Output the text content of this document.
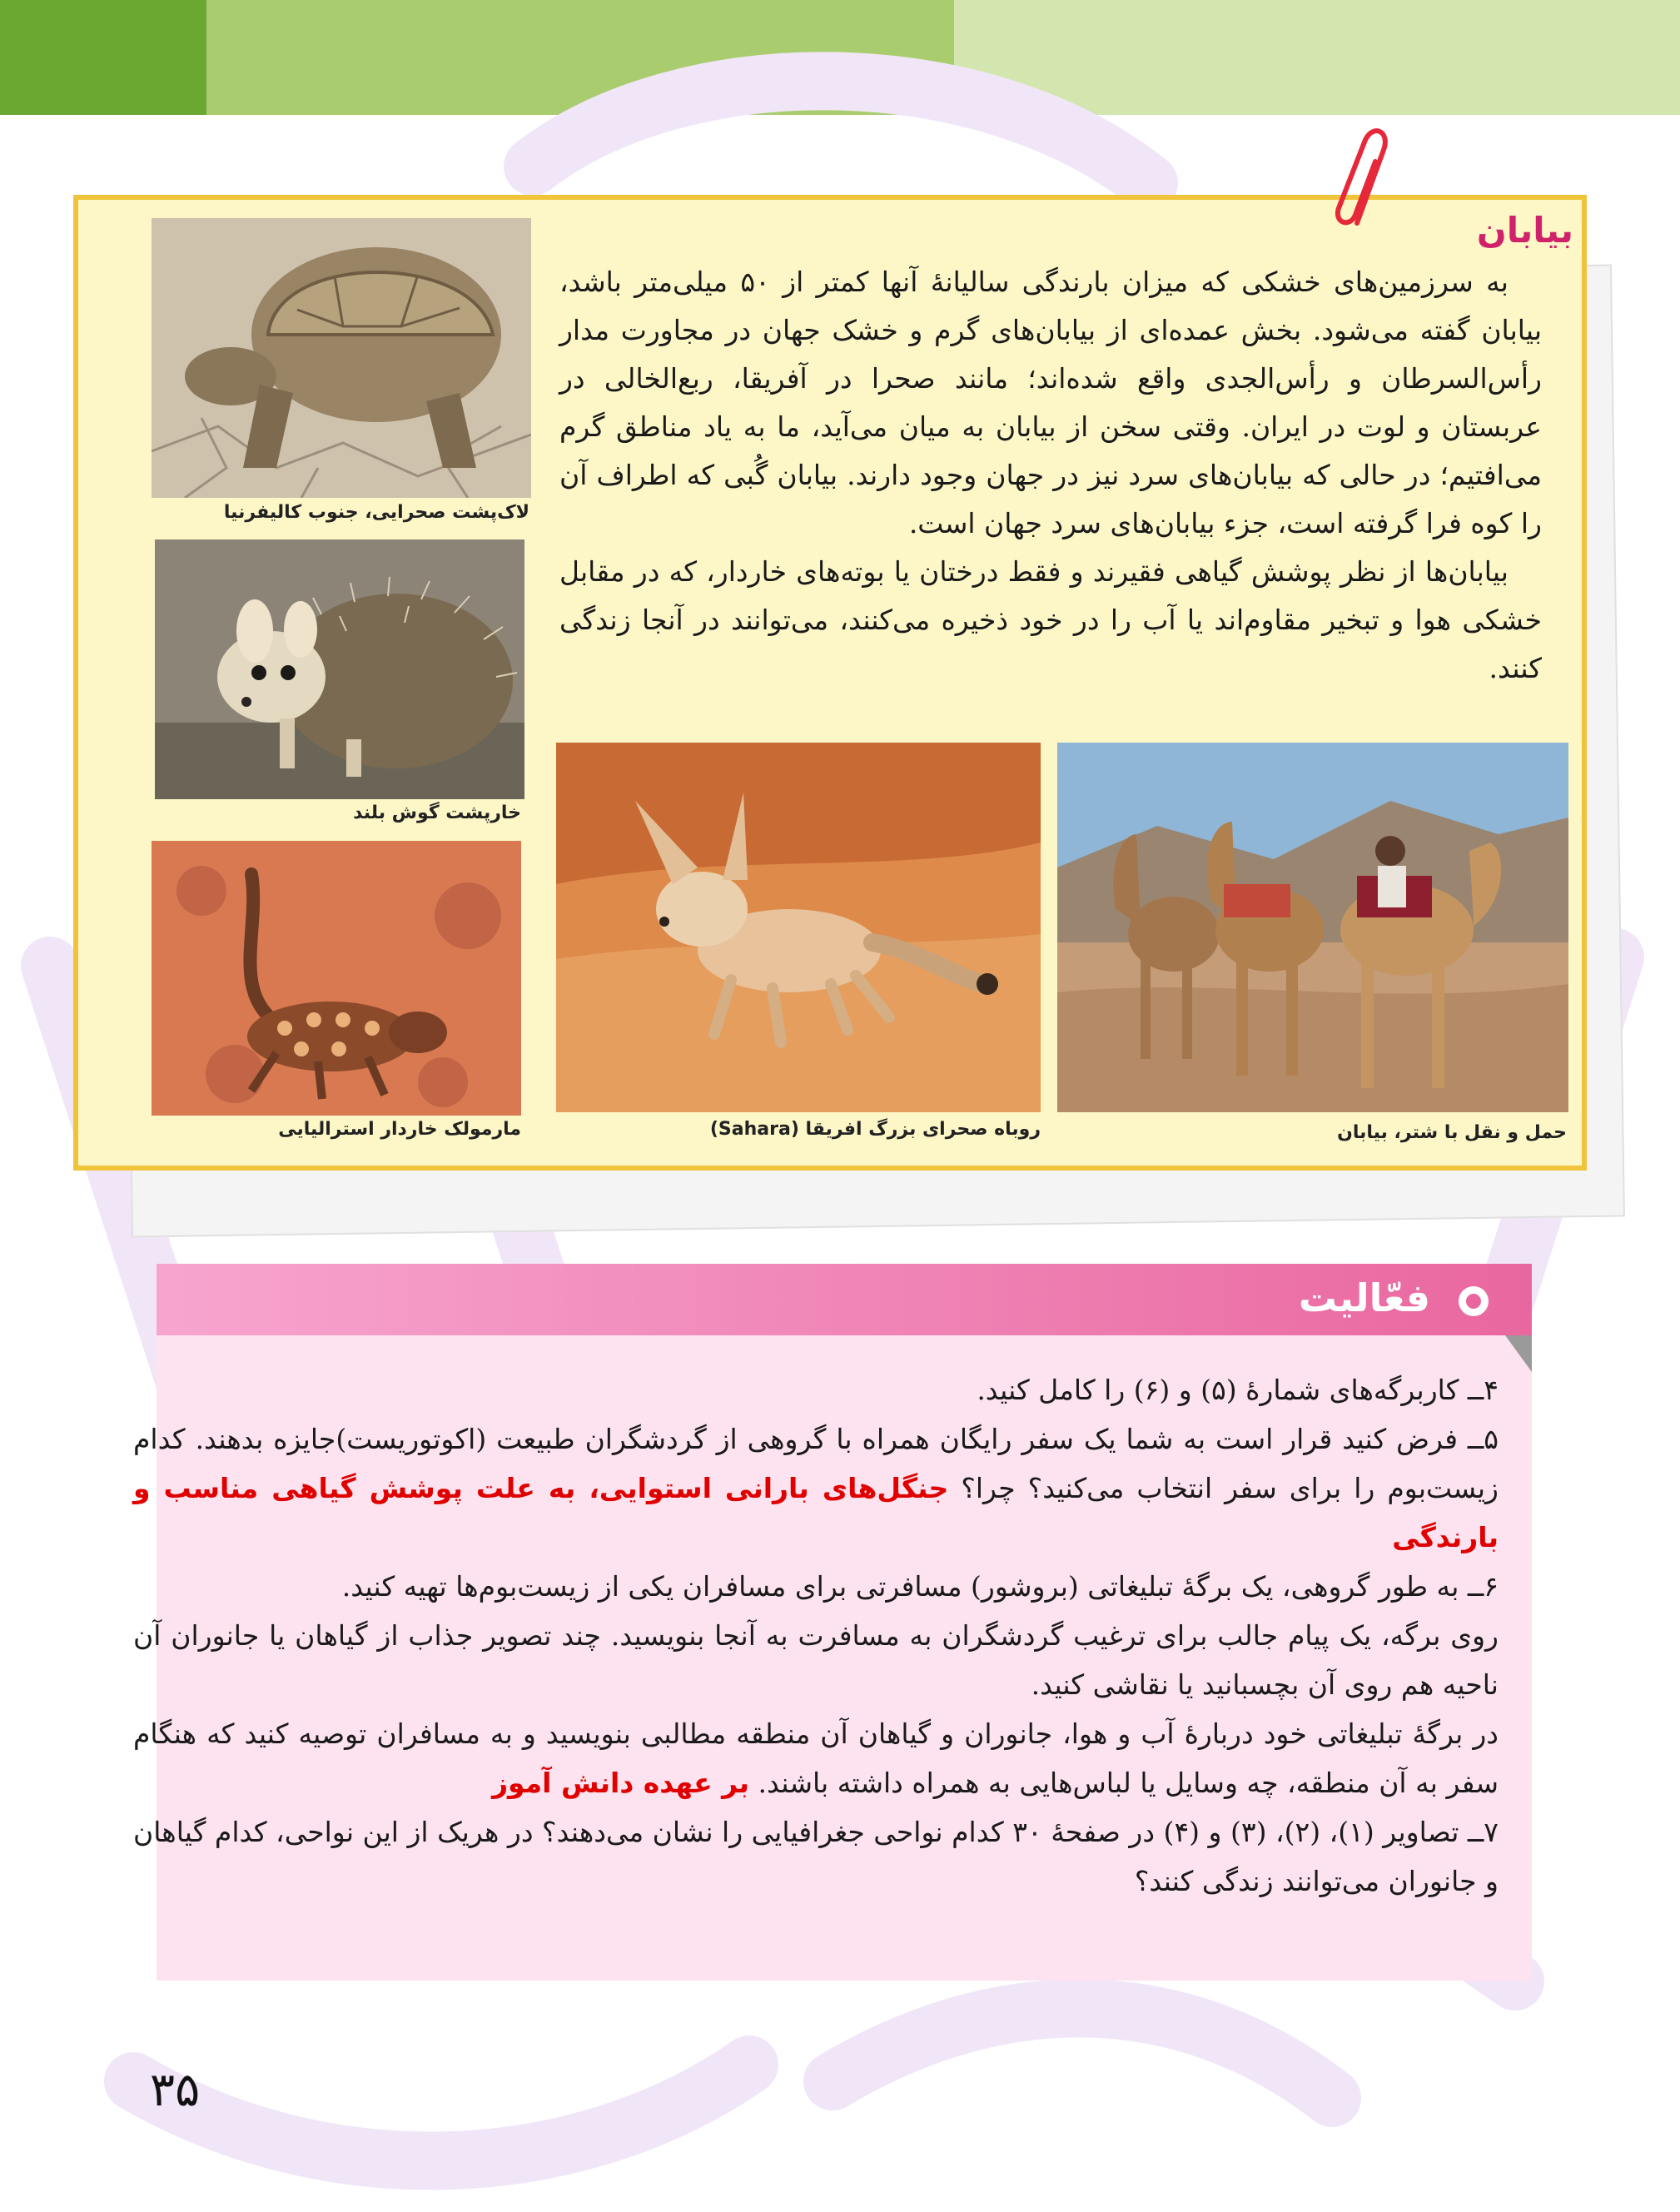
بیابان

به سرزمین‌های خشکی که میزان بارندگی سالیانهٔ آنها کمتر از ۵۰ میلی‌متر باشد، بیابان گفته می‌شود. بخش عمده‌ای از بیابان‌های گرم و خشک جهان در مجاورت مدار رأس‌السرطان و رأس‌الجدی واقع شده‌اند؛ مانند صحرا در آفریقا، ربع‌الخالی در عربستان و لوت در ایران. وقتی سخن از بیابان به میان می‌آید، ما به یاد مناطق گرم می‌افتیم؛ در حالی که بیابان‌های سرد نیز در جهان وجود دارند. بیابان گُبی که اطراف آن را کوه فرا گرفته است، جزء بیابان‌های سرد جهان است.

بیابان‌ها از نظر پوشش گیاهی فقیرند و فقط درختان یا بوته‌های خاردار، که در مقابل خشکی هوا و تبخیر مقاوم‌اند یا آب را در خود ذخیره می‌کنند، می‌توانند در آنجا زندگی کنند.

لاک‌پشت صحرایی، جنوب کالیفرنیا
خارپشت گوش بلند
مارمولک خاردار استرالیایی	روباه صحرای بزرگ افریقا (Sahara)	حمل و نقل با شتر، بیابان
فعّالیت

۴ــ کاربرگه‌های شمارهٔ (۵) و (۶) را کامل کنید.

۵ــ فرض کنید قرار است به شما یک سفر رایگان همراه با گروهی از گردشگران طبیعت (اکوتوریست)جایزه بدهند. کدام زیست‌بوم را برای سفر انتخاب می‌کنید؟ چرا؟ جنگل‌های بارانی استوایی، به علت پوشش گیاهی مناسب و بارندگی

۶ــ به طور گروهی، یک برگهٔ تبلیغاتی (بروشور) مسافرتی برای مسافران یکی از زیست‌بوم‌ها تهیه کنید.

روی برگه، یک پیام جالب برای ترغیب گردشگران به مسافرت به آنجا بنویسید. چند تصویر جذاب از گیاهان یا جانوران آن ناحیه هم روی آن بچسبانید یا نقاشی کنید.

در برگهٔ تبلیغاتی خود دربارهٔ آب و هوا، جانوران و گیاهان آن منطقه مطالبی بنویسید و به مسافران توصیه کنید که هنگام سفر به آن منطقه، چه وسایل یا لباس‌هایی به همراه داشته باشند. بر عهده دانش آموز

۷ــ تصاویر (۱)، (۲)، (۳) و (۴) در صفحهٔ ۳۰ کدام نواحی جغرافیایی را نشان می‌دهند؟ در هریک از این نواحی، کدام گیاهان و جانوران می‌توانند زندگی کنند؟

۳۵
